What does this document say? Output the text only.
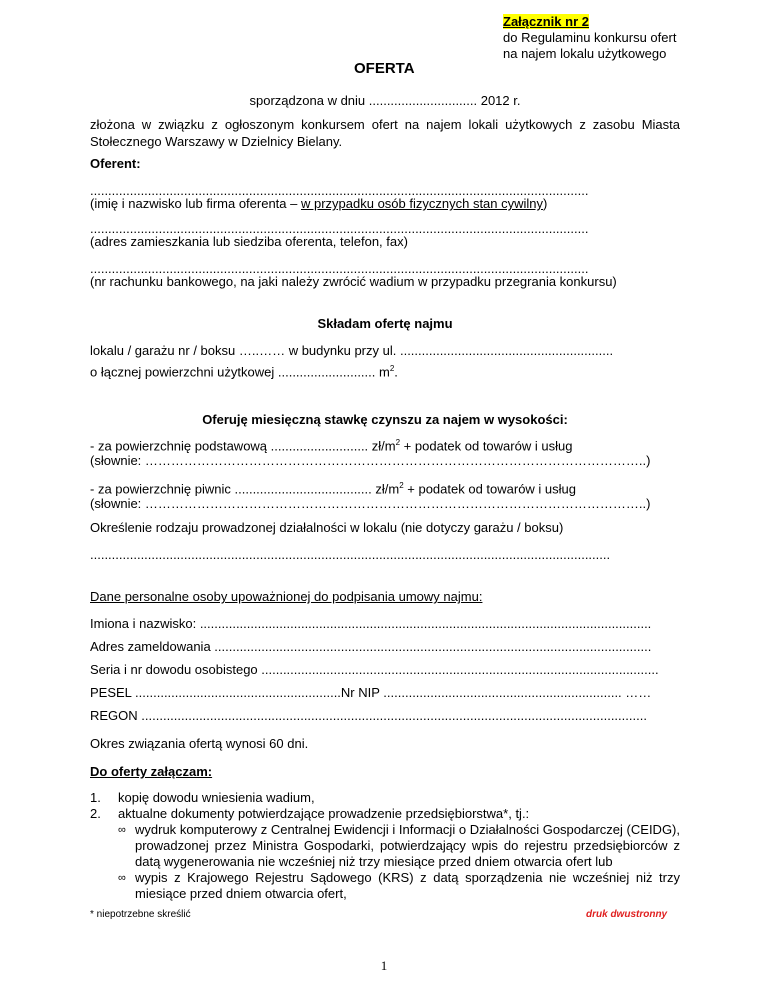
Załącznik nr 2
do Regulaminu konkursu ofert
na najem lokalu użytkowego
OFERTA
sporządzona w dniu .............................. 2012 r.
złożona w związku z ogłoszonym konkursem ofert na najem lokali użytkowych z zasobu Miasta Stołecznego Warszawy w Dzielnicy Bielany.
Oferent:
..........................................................................................................................................
(imię i nazwisko lub firma oferenta – w przypadku osób fizycznych stan cywilny)
..........................................................................................................................................
(adres zamieszkania lub siedziba oferenta, telefon, fax)
..........................................................................................................................................
(nr rachunku bankowego, na jaki należy zwrócić wadium w przypadku przegrania konkursu)
Składam ofertę najmu
lokalu / garażu nr / boksu …..…… w budynku przy ul. ...........................................................
o łącznej powierzchni użytkowej ........................... $m^2$.
Oferuję miesięczną stawkę czynszu za najem w wysokości:
- za powierzchnię podstawową ........................... $zł/m^2$ + podatek od towarów i usług
(słownie: ……………………………………………………………………………………………………..)
- za powierzchnię piwnic ...................................... $zł/m^2$ + podatek od towarów i usług
(słownie: ……………………………………………………………………………………………………..)
Określenie rodzaju prowadzonej działalności w lokalu (nie dotyczy garażu / boksu)
................................................................................................................................................
Dane personalne osoby upoważnionej do podpisania umowy najmu:
Imiona i nazwisko: .............................................................................................................................
Adres zameldowania .........................................................................................................................
Seria i nr dowodu osobistego ..............................................................................................................
PESEL .........................................................Nr NIP .................................................................. ……
REGON ............................................................................................................................................
Okres związania ofertą wynosi 60 dni.
Do oferty załączam:
1.	kopię dowodu wniesienia wadium,
2.	aktualne dokumenty potwierdzające prowadzenie przedsiębiorstwa*, tj.:
∞ wydruk komputerowy z Centralnej Ewidencji i Informacji o Działalności Gospodarczej (CEIDG), prowadzonej przez Ministra Gospodarki, potwierdzający wpis do rejestru przedsiębiorców z datą wygenerowania nie wcześniej niż trzy miesiące przed dniem otwarcia ofert lub
∞ wypis z Krajowego Rejestru Sądowego (KRS) z datą sporządzenia nie wcześniej niż trzy miesiące przed dniem otwarcia ofert,
* niepotrzebne skreślić	druk dwustronny
1
